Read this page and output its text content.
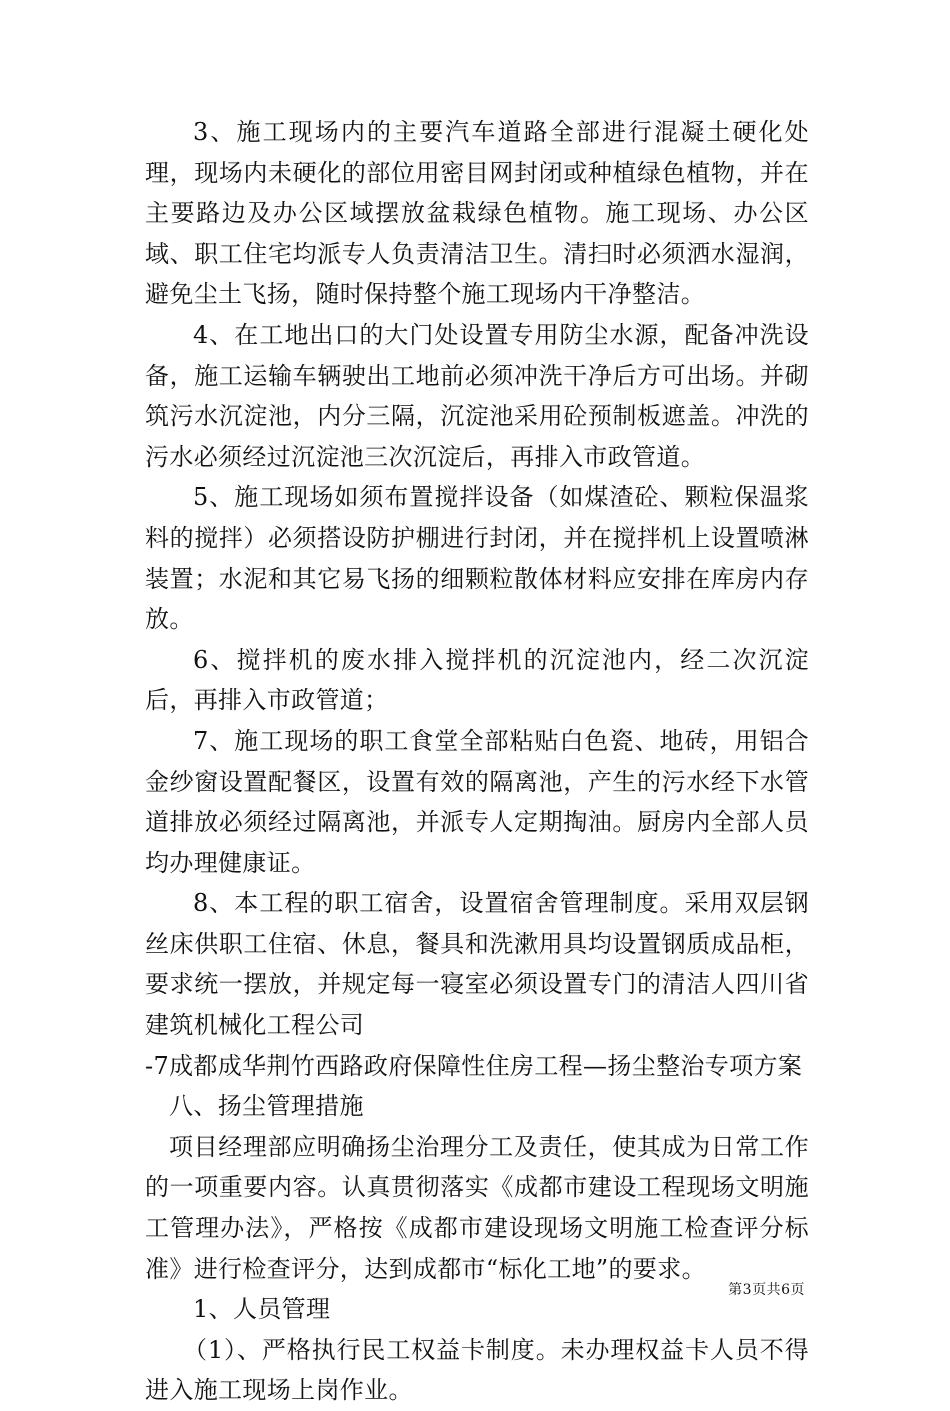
3、施工现场内的主要汽车道路全部进行混凝土硬化处理，现场内未硬化的部位用密目网封闭或种植绿色植物，并在主要路边及办公区域摆放盆栽绿色植物。施工现场、办公区域、职工住宅均派专人负责清洁卫生。清扫时必须洒水湿润，避免尘土飞扬，随时保持整个施工现场内干净整洁。

4、在工地出口的大门处设置专用防尘水源，配备冲洗设备，施工运输车辆驶出工地前必须冲洗干净后方可出场。并砌筑污水沉淀池，内分三隔，沉淀池采用砼预制板遮盖。冲洗的污水必须经过沉淀池三次沉淀后，再排入市政管道。

5、施工现场如须布置搅拌设备（如煤渣砼、颗粒保温浆料的搅拌）必须搭设防护棚进行封闭，并在搅拌机上设置喷淋装置；水泥和其它易飞扬的细颗粒散体材料应安排在库房内存放。

6、搅拌机的废水排入搅拌机的沉淀池内，经二次沉淀后，再排入市政管道；

7、施工现场的职工食堂全部粘贴白色瓷、地砖，用铝合金纱窗设置配餐区，设置有效的隔离池，产生的污水经下水管道排放必须经过隔离池，并派专人定期掏油。厨房内全部人员均办理健康证。

8、本工程的职工宿舍，设置宿舍管理制度。采用双层钢丝床供职工住宿、休息，餐具和洗漱用具均设置钢质成品柜，要求统一摆放，并规定每一寝室必须设置专门的清洁人四川省建筑机械化工程公司

-7成都成华荆竹西路政府保障性住房工程—扬尘整治专项方案

八、扬尘管理措施

项目经理部应明确扬尘治理分工及责任，使其成为日常工作的一项重要内容。认真贯彻落实《成都市建设工程现场文明施工管理办法》，严格按《成都市建设现场文明施工检查评分标准》进行检查评分，达到成都市“标化工地”的要求。

1、人员管理

（1）、严格执行民工权益卡制度。未办理权益卡人员不得进入施工现场上岗作业。

第3页共6页
